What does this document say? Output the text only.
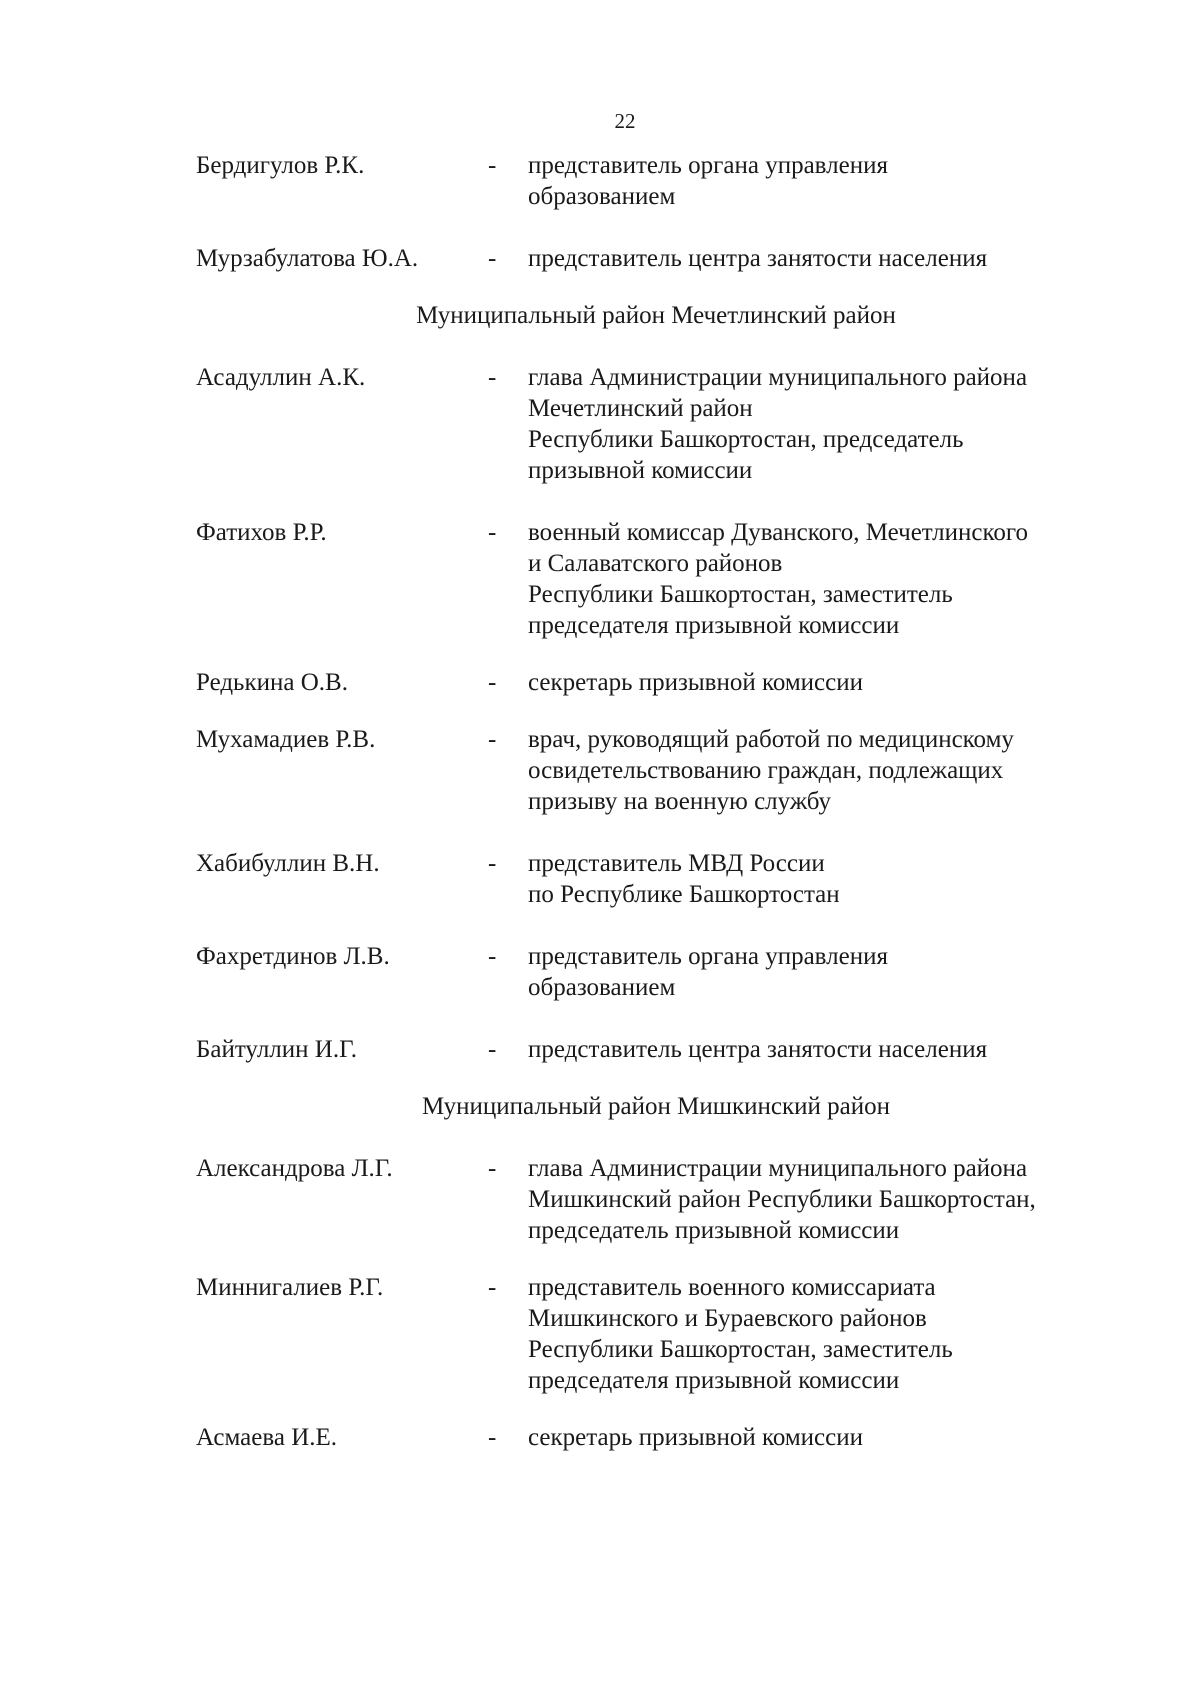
22
Бердигулов Р.К.	-	представитель органа управления
образованием
Мурзабулатова Ю.А.	-	представитель центра занятости населения
Муниципальный район Мечетлинский район
Асадуллин А.К.	-	глава Администрации муниципального района
Мечетлинский район
Республики Башкортостан, председатель
призывной комиссии
Фатихов Р.Р.	-	военный комиссар Дуванского, Мечетлинского
и Салаватского районов
Республики Башкортостан, заместитель
председателя призывной комиссии
Редькина О.В.	-	секретарь призывной комиссии
Мухамадиев Р.В.	-	врач, руководящий работой по медицинскому
освидетельствованию граждан, подлежащих
призыву на военную службу
Хабибуллин В.Н.	-	представитель МВД России
по Республике Башкортостан
Фахретдинов Л.В.	-	представитель органа управления
образованием
Байтуллин И.Г.	-	представитель центра занятости населения
Муниципальный район Мишкинский район
Александрова Л.Г.	-	глава Администрации муниципального района
Мишкинский район Республики Башкортостан,
председатель призывной комиссии
Миннигалиев Р.Г.	-	представитель военного комиссариата
Мишкинского и Бураевского районов
Республики Башкортостан, заместитель
председателя призывной комиссии
Асмаева И.Е.	-	секретарь призывной комиссии
